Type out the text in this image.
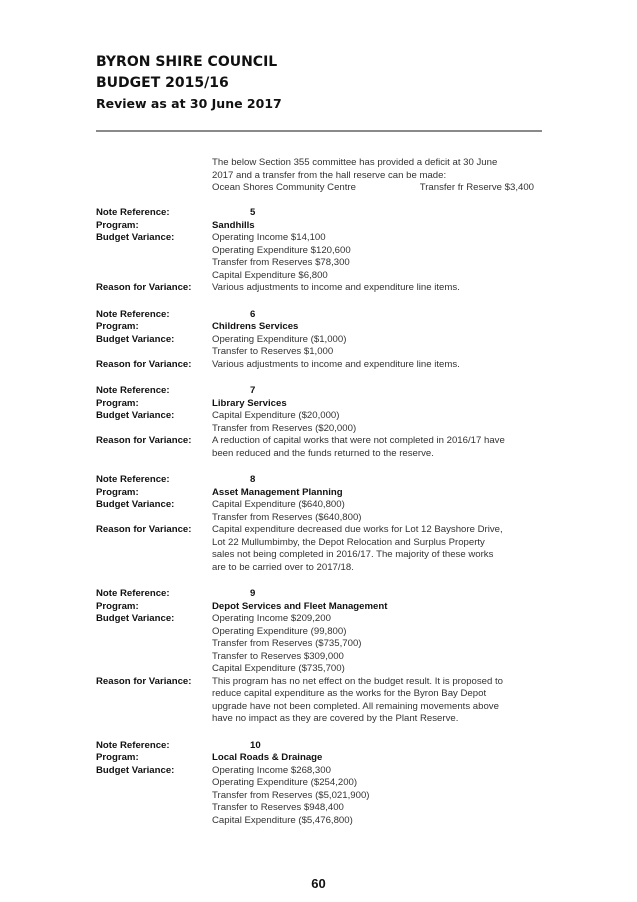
BYRON SHIRE COUNCIL
BUDGET 2015/16
Review as at 30 June 2017
The below Section 355 committee has provided a deficit at 30 June
2017 and a transfer from the hall reserve can be made:
Ocean Shores Community Centre	Transfer fr Reserve $3,400
Note Reference:	5
Program:	Sandhills
Budget Variance:	Operating Income $14,100
Operating Expenditure $120,600
Transfer from Reserves $78,300
Capital Expenditure $6,800
Reason for Variance:	Various adjustments to income and expenditure line items.
Note Reference:	6
Program:	Childrens Services
Budget Variance:	Operating Expenditure ($1,000)
Transfer to Reserves $1,000
Reason for Variance:	Various adjustments to income and expenditure line items.
Note Reference:	7
Program:	Library Services
Budget Variance:	Capital Expenditure ($20,000)
Transfer from Reserves ($20,000)
Reason for Variance:	A reduction of capital works that were not completed in 2016/17 have
been reduced and the funds returned to the reserve.
Note Reference:	8
Program:	Asset Management Planning
Budget Variance:	Capital Expenditure ($640,800)
Transfer from Reserves ($640,800)
Reason for Variance:	Capital expenditure decreased due works for Lot 12 Bayshore Drive,
Lot 22 Mullumbimby, the Depot Relocation and Surplus Property
sales not being completed in 2016/17. The majority of these works
are to be carried over to 2017/18.
Note Reference:	9
Program:	Depot Services and Fleet Management
Budget Variance:	Operating Income $209,200
Operating Expenditure (99,800)
Transfer from Reserves ($735,700)
Transfer to Reserves $309,000
Capital Expenditure ($735,700)
Reason for Variance:	This program has no net effect on the budget result. It is proposed to
reduce capital expenditure as the works for the Byron Bay Depot
upgrade have not been completed. All remaining movements above
have no impact as they are covered by the Plant Reserve.
Note Reference:	10
Program:	Local Roads & Drainage
Budget Variance:	Operating Income $268,300
Operating Expenditure ($254,200)
Transfer from Reserves ($5,021,900)
Transfer to Reserves $948,400
Capital Expenditure ($5,476,800)
60
